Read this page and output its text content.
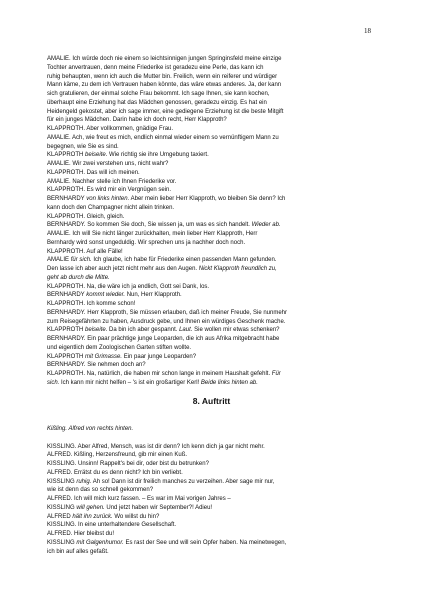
18
AMALIE. Ich würde doch nie einem so leichtsinnigen jungen Springinsfeld meine einzige
Tochter anvertrauen, denn meine Friederike ist geradezu eine Perle, das kann ich
ruhig behaupten, wenn ich auch die Mutter bin. Freilich, wenn ein reiferer und würdiger
Mann käme, zu dem ich Vertrauen haben könnte, das wäre etwas anderes. Ja, der kann
sich gratulieren, der einmal solche Frau bekommt. Ich sage Ihnen, sie kann kochen,
überhaupt eine Erziehung hat das Mädchen genossen, geradezu einzig. Es hat ein
Heidengeld gekostet, aber ich sage immer, eine gediegene Erziehung ist die beste Mitgift
für ein junges Mädchen. Darin habe ich doch recht, Herr Klapproth?
KLAPPROTH. Aber vollkommen, gnädige Frau.
AMALIE. Ach, wie freut es mich, endlich einmal wieder einem so vernünftigem Mann zu
begegnen, wie Sie es sind.
KLAPPROTH beiseite. Wie richtig sie ihre Umgebung taxiert.
AMALIE. Wir zwei verstehen uns, nicht wahr?
KLAPPROTH. Das will ich meinen.
AMALIE. Nachher stelle ich Ihnen Friederike vor.
KLAPPROTH. Es wird mir ein Vergnügen sein.
BERNHARDY von links hinten. Aber mein lieber Herr Klapproth, wo bleiben Sie denn? Ich
kann doch den Champagner nicht allein trinken.
KLAPPROTH. Gleich, gleich.
BERNHARDY. So kommen Sie doch, Sie wissen ja, um was es sich handelt. Wieder ab.
AMALIE. Ich will Sie nicht länger zurückhalten, mein lieber Herr Klapproth, Herr
Bernhardy wird sonst ungeduldig. Wir sprechen uns ja nachher doch noch.
KLAPPROTH. Auf alle Fälle!
AMALIE für sich. Ich glaube, ich habe für Friederike einen passenden Mann gefunden.
Den lasse ich aber auch jetzt nicht mehr aus den Augen. Nickt Klapproth freundlich zu,
geht ab durch die Mitte.
KLAPPROTH. Na, die wäre ich ja endlich, Gott sei Dank, los.
BERNHARDY kommt wieder. Nun, Herr Klapproth.
KLAPPROTH. Ich komme schon!
BERNHARDY. Herr Klapproth, Sie müssen erlauben, daß ich meiner Freude, Sie nunmehr
zum Reisegefährten zu haben, Ausdruck gebe, und Ihnen ein würdiges Geschenk mache.
KLAPPROTH beiseite. Da bin ich aber gespannt. Laut. Sie wollen mir etwas schenken?
BERNHARDY. Ein paar prächtige junge Leoparden, die ich aus Afrika mitgebracht habe
und eigentlich dem Zoologischen Garten stiften wollte.
KLAPPROTH mit Grimasse. Ein paar junge Leoparden?
BERNHARDY. Sie nehmen doch an?
KLAPPROTH. Na, natürlich, die haben mir schon lange in meinem Haushalt gefehlt. Für
sich. Ich kann mir nicht helfen – 's ist ein großartiger Kerl! Beide links hinten ab.
8. Auftritt
Kißling. Alfred von rechts hinten.
KISSLING. Aber Alfred, Mensch, was ist dir denn? Ich kenn dich ja gar nicht mehr.
ALFRED. Kißling, Herzensfreund, gib mir einen Kuß.
KISSLING. Unsinn! Rappelt's bei dir, oder bist du betrunken?
ALFRED. Errätst du es denn nicht? Ich bin verliebt.
KISSLING ruhig. Ah so! Dann ist dir freilich manches zu verzeihen. Aber sage mir nur,
wie ist denn das so schnell gekommen?
ALFRED. Ich will mich kurz fassen. – Es war im Mai vorigen Jahres –
KISSLING will gehen. Und jetzt haben wir September?! Adieu!
ALFRED hält ihn zurück. Wo willst du hin?
KISSLING. In eine unterhaltendere Gesellschaft.
ALFRED. Hier bleibst du!
KISSLING mit Galgenhumor. Es rast der See und will sein Opfer haben. Na meinetwegen,
ich bin auf alles gefaßt.
